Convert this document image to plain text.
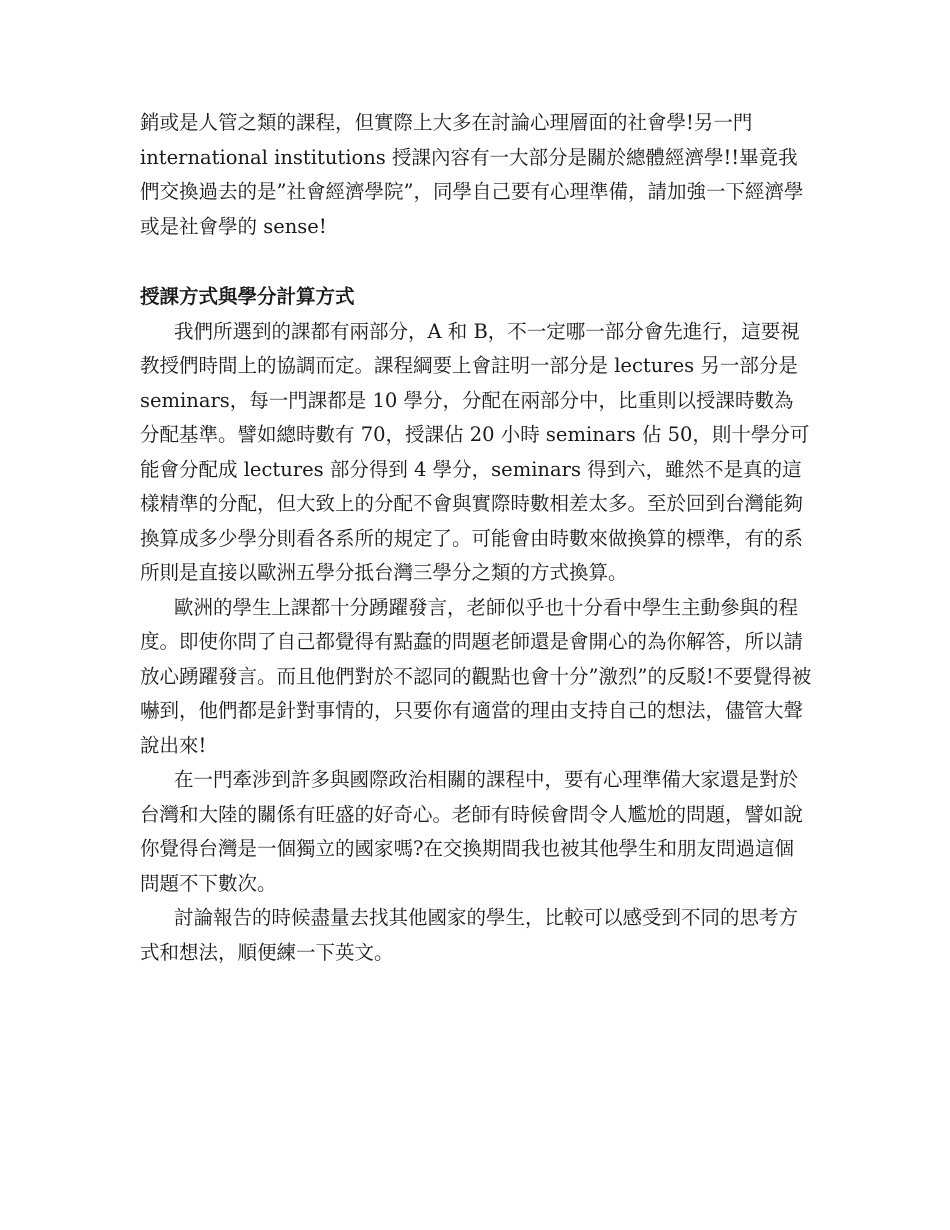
銷或是人管之類的課程，但實際上大多在討論心理層面的社會學!另一門 international institutions 授課內容有一大部分是關於總體經濟學!!畢竟我們交換過去的是”社會經濟學院”，同學自己要有心理準備，請加強一下經濟學或是社會學的 sense!

授課方式與學分計算方式

我們所選到的課都有兩部分，A 和 B，不一定哪一部分會先進行，這要視教授們時間上的協調而定。課程綱要上會註明一部分是 lectures 另一部分是 seminars，每一門課都是 10 學分，分配在兩部分中，比重則以授課時數為分配基準。譬如總時數有 70，授課佔 20 小時 seminars 佔 50，則十學分可能會分配成 lectures 部分得到 4 學分，seminars 得到六，雖然不是真的這樣精準的分配，但大致上的分配不會與實際時數相差太多。至於回到台灣能夠換算成多少學分則看各系所的規定了。可能會由時數來做換算的標準，有的系所則是直接以歐洲五學分抵台灣三學分之類的方式換算。

歐洲的學生上課都十分踴躍發言，老師似乎也十分看中學生主動參與的程度。即使你問了自己都覺得有點蠢的問題老師還是會開心的為你解答，所以請放心踴躍發言。而且他們對於不認同的觀點也會十分”激烈”的反駁!不要覺得被嚇到，他們都是針對事情的，只要你有適當的理由支持自己的想法，儘管大聲說出來!

在一門牽涉到許多與國際政治相關的課程中，要有心理準備大家還是對於台灣和大陸的關係有旺盛的好奇心。老師有時候會問令人尷尬的問題，譬如說你覺得台灣是一個獨立的國家嗎?在交換期間我也被其他學生和朋友問過這個問題不下數次。

討論報告的時候盡量去找其他國家的學生，比較可以感受到不同的思考方式和想法，順便練一下英文。
